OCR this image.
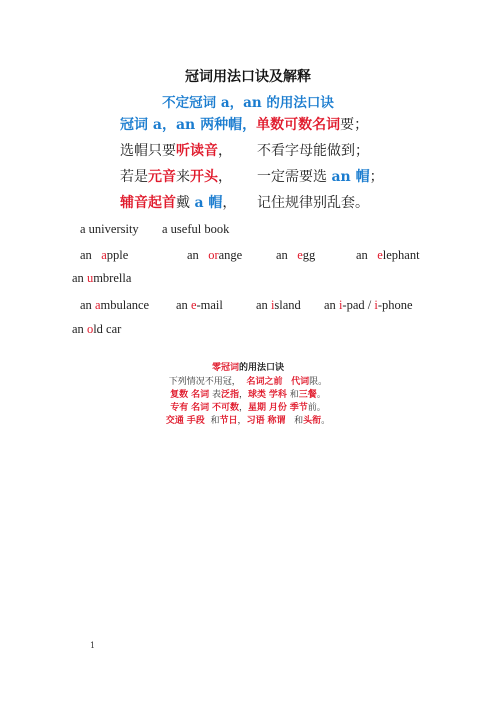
冠词用法口诀及解释
不定冠词 a，an 的用法口诀
冠词 a，an 两种帽，单数可数名词要；
选帽只要听读音， 不看字母能做到；
若是元音来开头， 一定需要选 an 帽；
辅音起首戴 a 帽， 记住规律别乱套。
a university a useful book
an apple	an orange	an egg	an elephant
an umbrella
an ambulance an e-mail	an island an i-pad / i-phone
an old car
零冠词的用法口诀
下列情况不用冠， 名词之前 代词限。
复数 名词 表泛指，球类 学科 和三餐。
专有 名词 不可数，星期 月份 季节前。
交通 手段 和节日，习语 称谓 和头衔。
1
